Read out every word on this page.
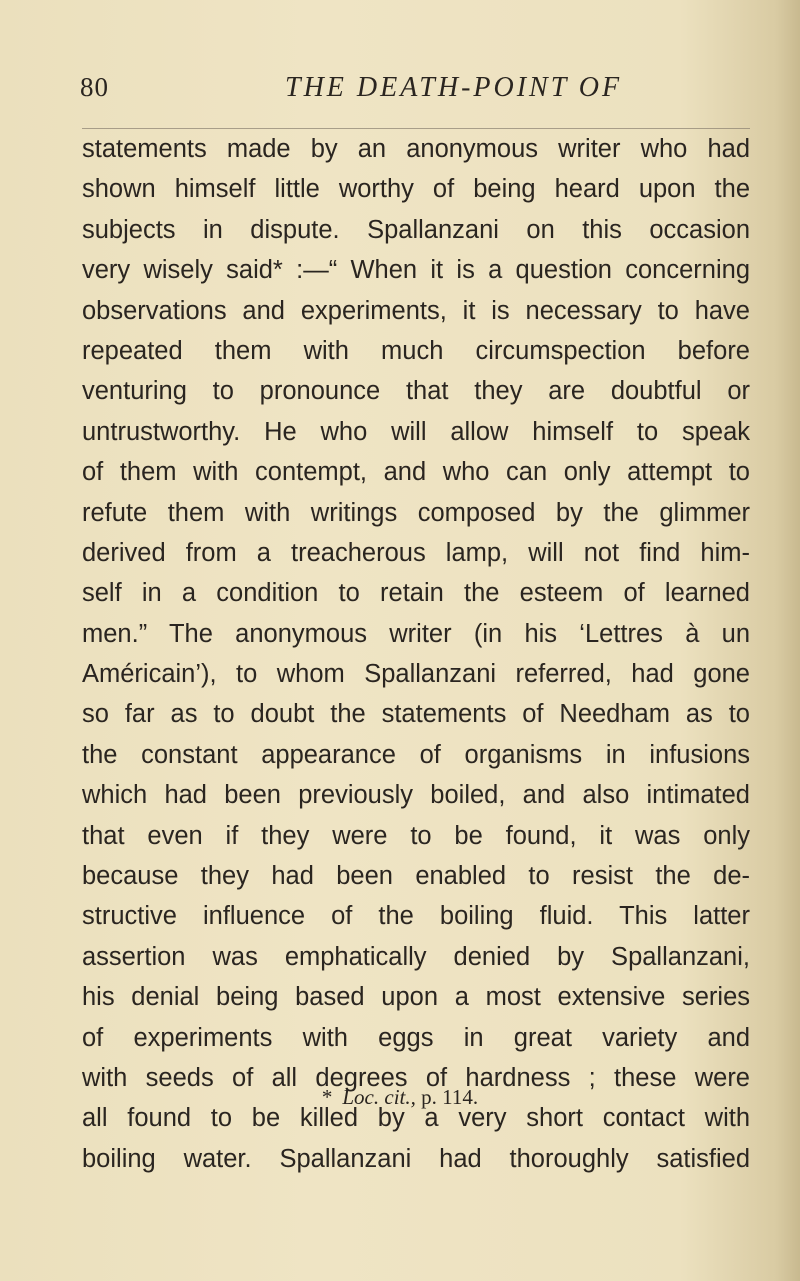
80	THE DEATH-POINT OF
statements made by an anonymous writer who had
shown himself little worthy of being heard upon the
subjects in dispute. Spallanzani on this occasion
very wisely said* :—“ When it is a question concerning
observations and experiments, it is necessary to have
repeated them with much circumspection before
venturing to pronounce that they are doubtful or
untrustworthy. He who will allow himself to speak
of them with contempt, and who can only attempt to
refute them with writings composed by the glimmer
derived from a treacherous lamp, will not find him-
self in a condition to retain the esteem of learned
men.” The anonymous writer (in his ‘Lettres à un
Américain’), to whom Spallanzani referred, had gone
so far as to doubt the statements of Needham as to
the constant appearance of organisms in infusions
which had been previously boiled, and also intimated
that even if they were to be found, it was only
because they had been enabled to resist the de-
structive influence of the boiling fluid. This latter
assertion was emphatically denied by Spallanzani,
his denial being based upon a most extensive series
of experiments with eggs in great variety and
with seeds of all degrees of hardness ; these were
all found to be killed by a very short contact with
boiling water. Spallanzani had thoroughly satisfied
* Loc. cit., p. 114.
